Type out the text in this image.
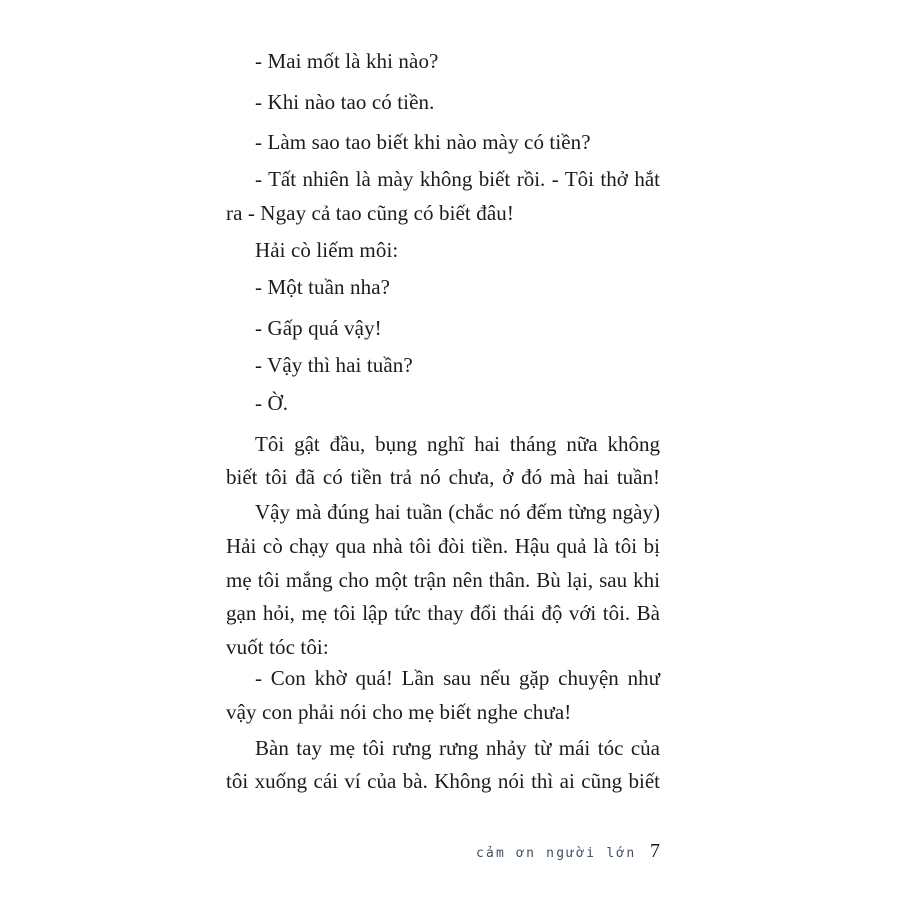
- Mai mốt là khi nào?
- Khi nào tao có tiền.
- Làm sao tao biết khi nào mày có tiền?
- Tất nhiên là mày không biết rồi. - Tôi thở hắt
ra - Ngay cả tao cũng có biết đâu!
Hải cò liếm môi:
- Một tuần nha?
- Gấp quá vậy!
- Vậy thì hai tuần?
- Ờ.
Tôi gật đầu, bụng nghĩ hai tháng nữa không
biết tôi đã có tiền trả nó chưa, ở đó mà hai tuần!
Vậy mà đúng hai tuần (chắc nó đếm từng ngày)
Hải cò chạy qua nhà tôi đòi tiền. Hậu quả là tôi bị
mẹ tôi mắng cho một trận nên thân. Bù lại, sau khi
gạn hỏi, mẹ tôi lập tức thay đổi thái độ với tôi. Bà
vuốt tóc tôi:
- Con khờ quá! Lần sau nếu gặp chuyện như
vậy con phải nói cho mẹ biết nghe chưa!
Bàn tay mẹ tôi rưng rưng nhảy từ mái tóc của
tôi xuống cái ví của bà. Không nói thì ai cũng biết
cảm ơn người lớn 7
